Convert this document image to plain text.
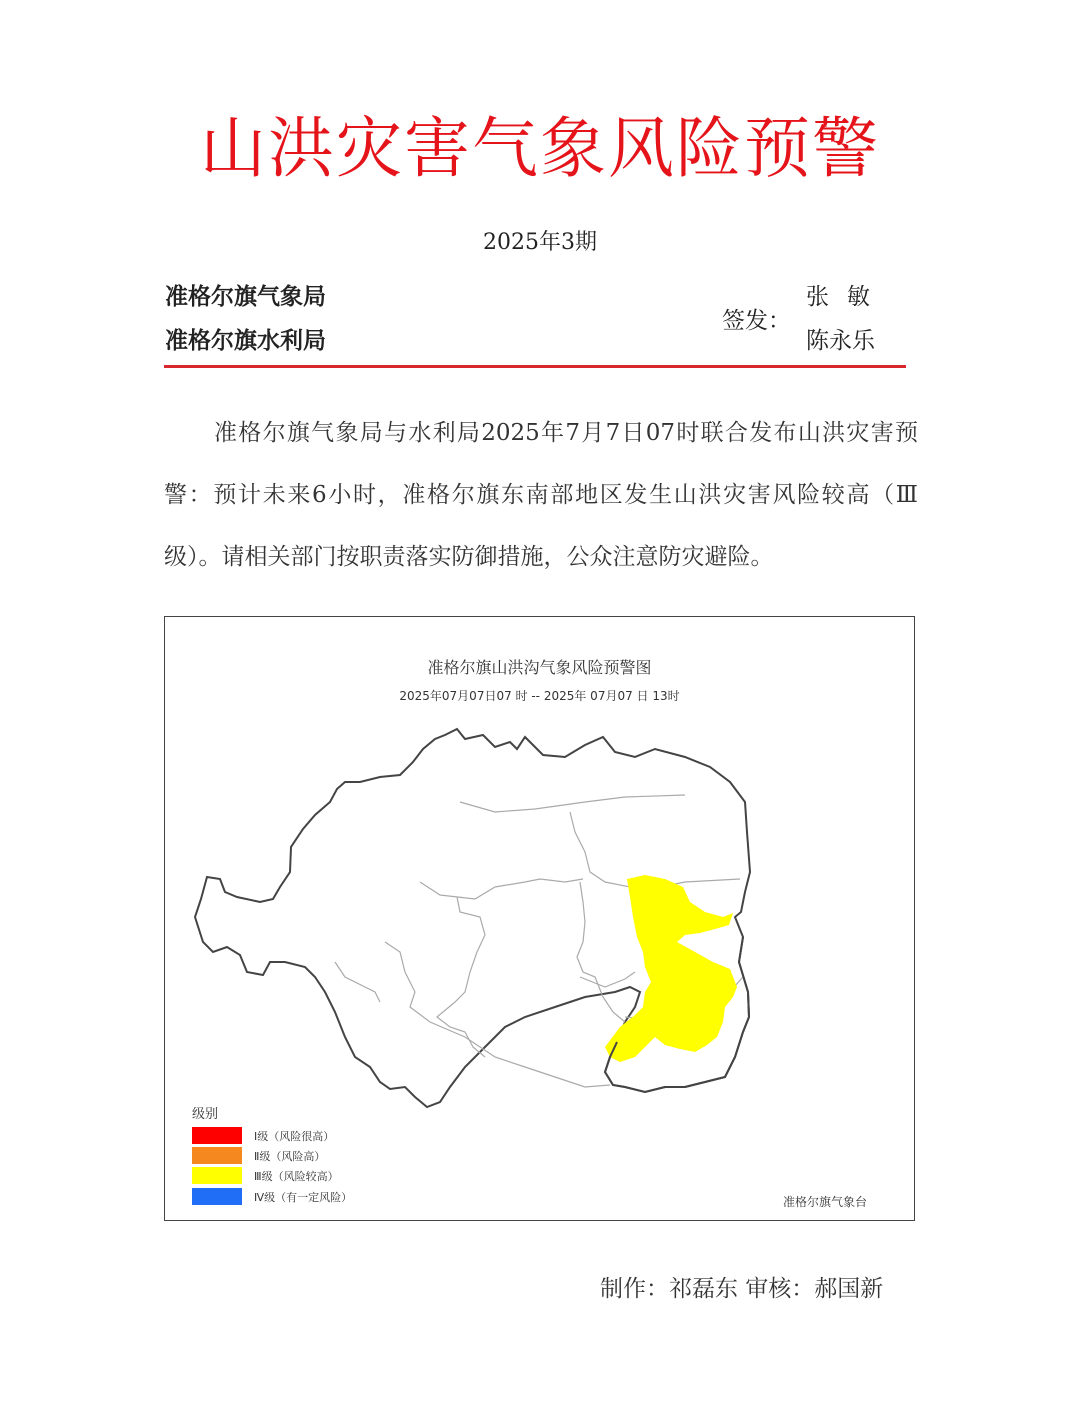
山洪灾害气象风险预警
2025年3期
准格尔旗气象局
准格尔旗水利局
签发：
张敏
陈永乐
准格尔旗气象局与水利局2025年7月7日07时联合发布山洪灾害预警：预计未来6小时，准格尔旗东南部地区发生山洪灾害风险较高（Ⅲ级）。请相关部门按职责落实防御措施，公众注意防灾避险。
准格尔旗山洪沟气象风险预警图
2025年07月07日07 时 -- 2025年 07月07 日 13时
级别
Ⅰ级（风险很高）
Ⅱ级（风险高）
Ⅲ级（风险较高）
Ⅳ级（有一定风险）	准格尔旗气象台
制作：祁磊东 审核：郝国新
